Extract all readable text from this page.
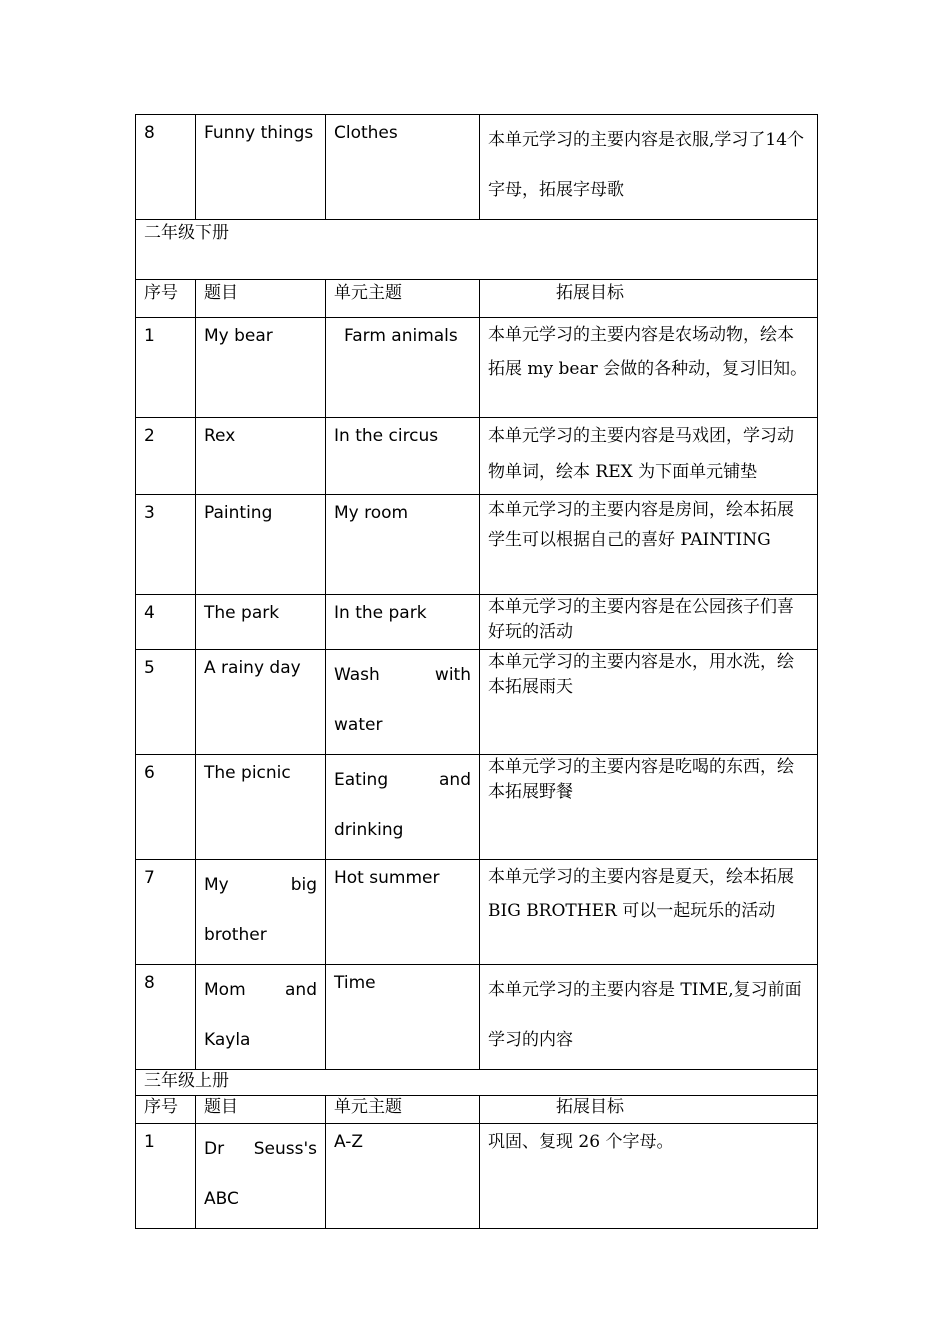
8	Funny things	Clothes	本单元学习的主要内容是衣服,学习了14个字母，拓展字母歌
二年级下册			
序号	题目	单元主题	拓展目标
1	My bear	Farm animals	本单元学习的主要内容是农场动物，绘本拓展 my bear 会做的各种动，复习旧知。
2	Rex	In the circus	本单元学习的主要内容是马戏团，学习动物单词，绘本 REX 为下面单元铺垫
3	Painting	My room	本单元学习的主要内容是房间，绘本拓展学生可以根据自己的喜好 PAINTING
4	The park	In the park	本单元学习的主要内容是在公园孩子们喜好玩的活动
5	A rainy day	Wash with water	本单元学习的主要内容是水，用水洗，绘本拓展雨天
6	The picnic	Eating and drinking	本单元学习的主要内容是吃喝的东西，绘本拓展野餐
7	My big brother	Hot summer	本单元学习的主要内容是夏天，绘本拓展 BIG BROTHER 可以一起玩乐的活动
8	Mom and Kayla	Time	本单元学习的主要内容是 TIME,复习前面学习的内容
三年级上册			
序号	题目	单元主题	拓展目标
1	Dr Seuss's ABC	A-Z	巩固、复现 26 个字母。
